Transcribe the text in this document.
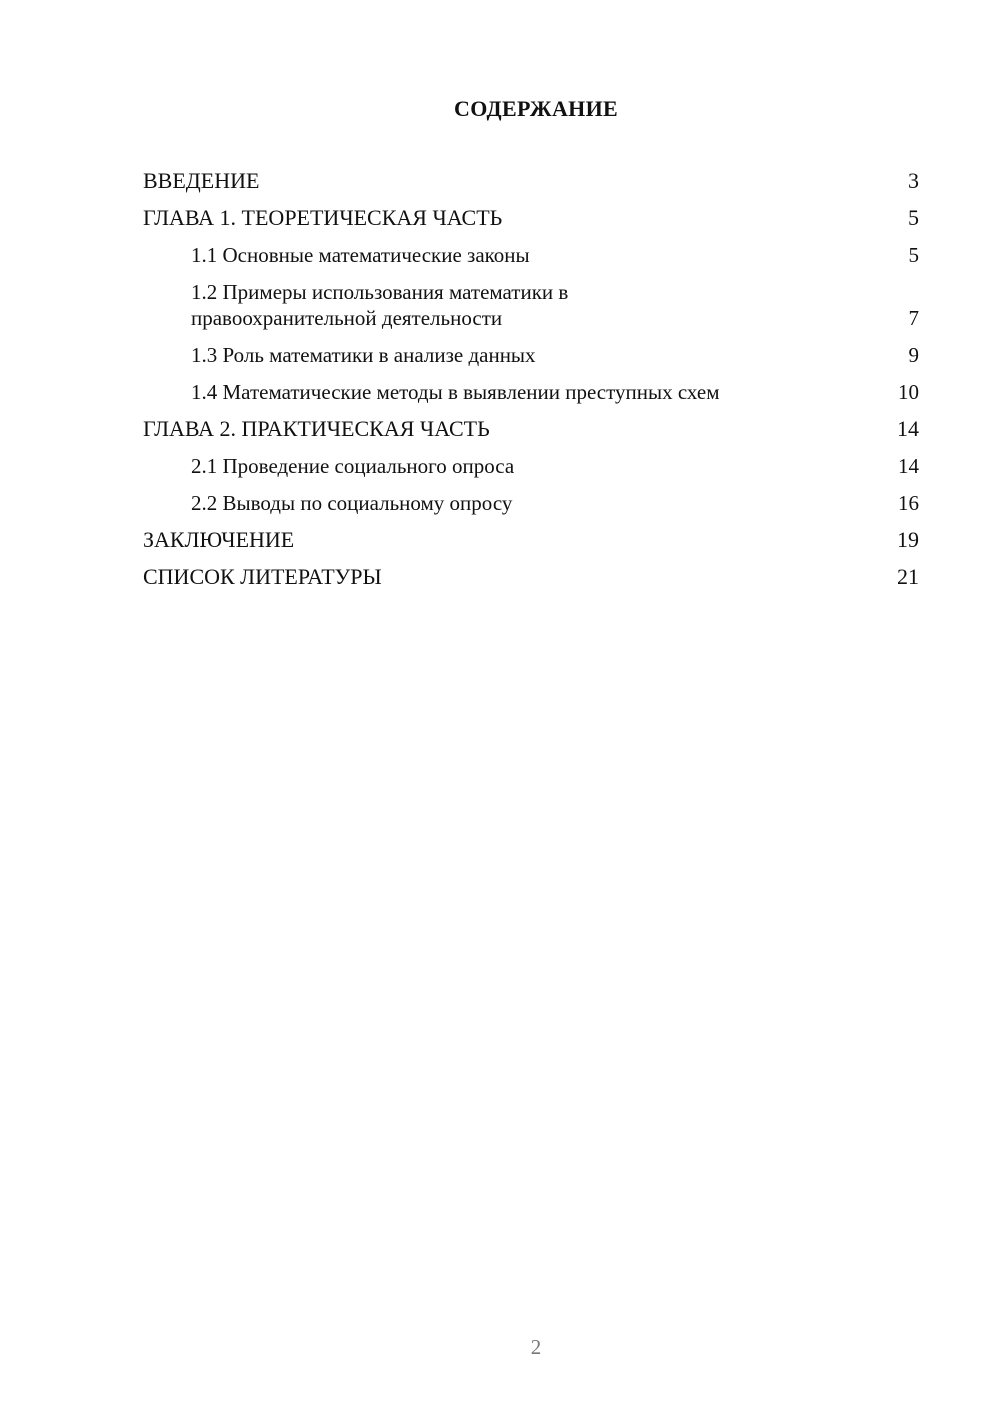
СОДЕРЖАНИЕ
ВВЕДЕНИЕ	3
ГЛАВА 1. ТЕОРЕТИЧЕСКАЯ ЧАСТЬ	5
1.1 Основные математические законы	5
1.2 Примеры использования математики в
правоохранительной деятельности	7
1.3 Роль математики в анализе данных	9
1.4 Математические методы в выявлении преступных схем	10
ГЛАВА 2. ПРАКТИЧЕСКАЯ ЧАСТЬ	14
2.1 Проведение социального опроса	14
2.2 Выводы по социальному опросу	16
ЗАКЛЮЧЕНИЕ	19
СПИСОК ЛИТЕРАТУРЫ	21
2
